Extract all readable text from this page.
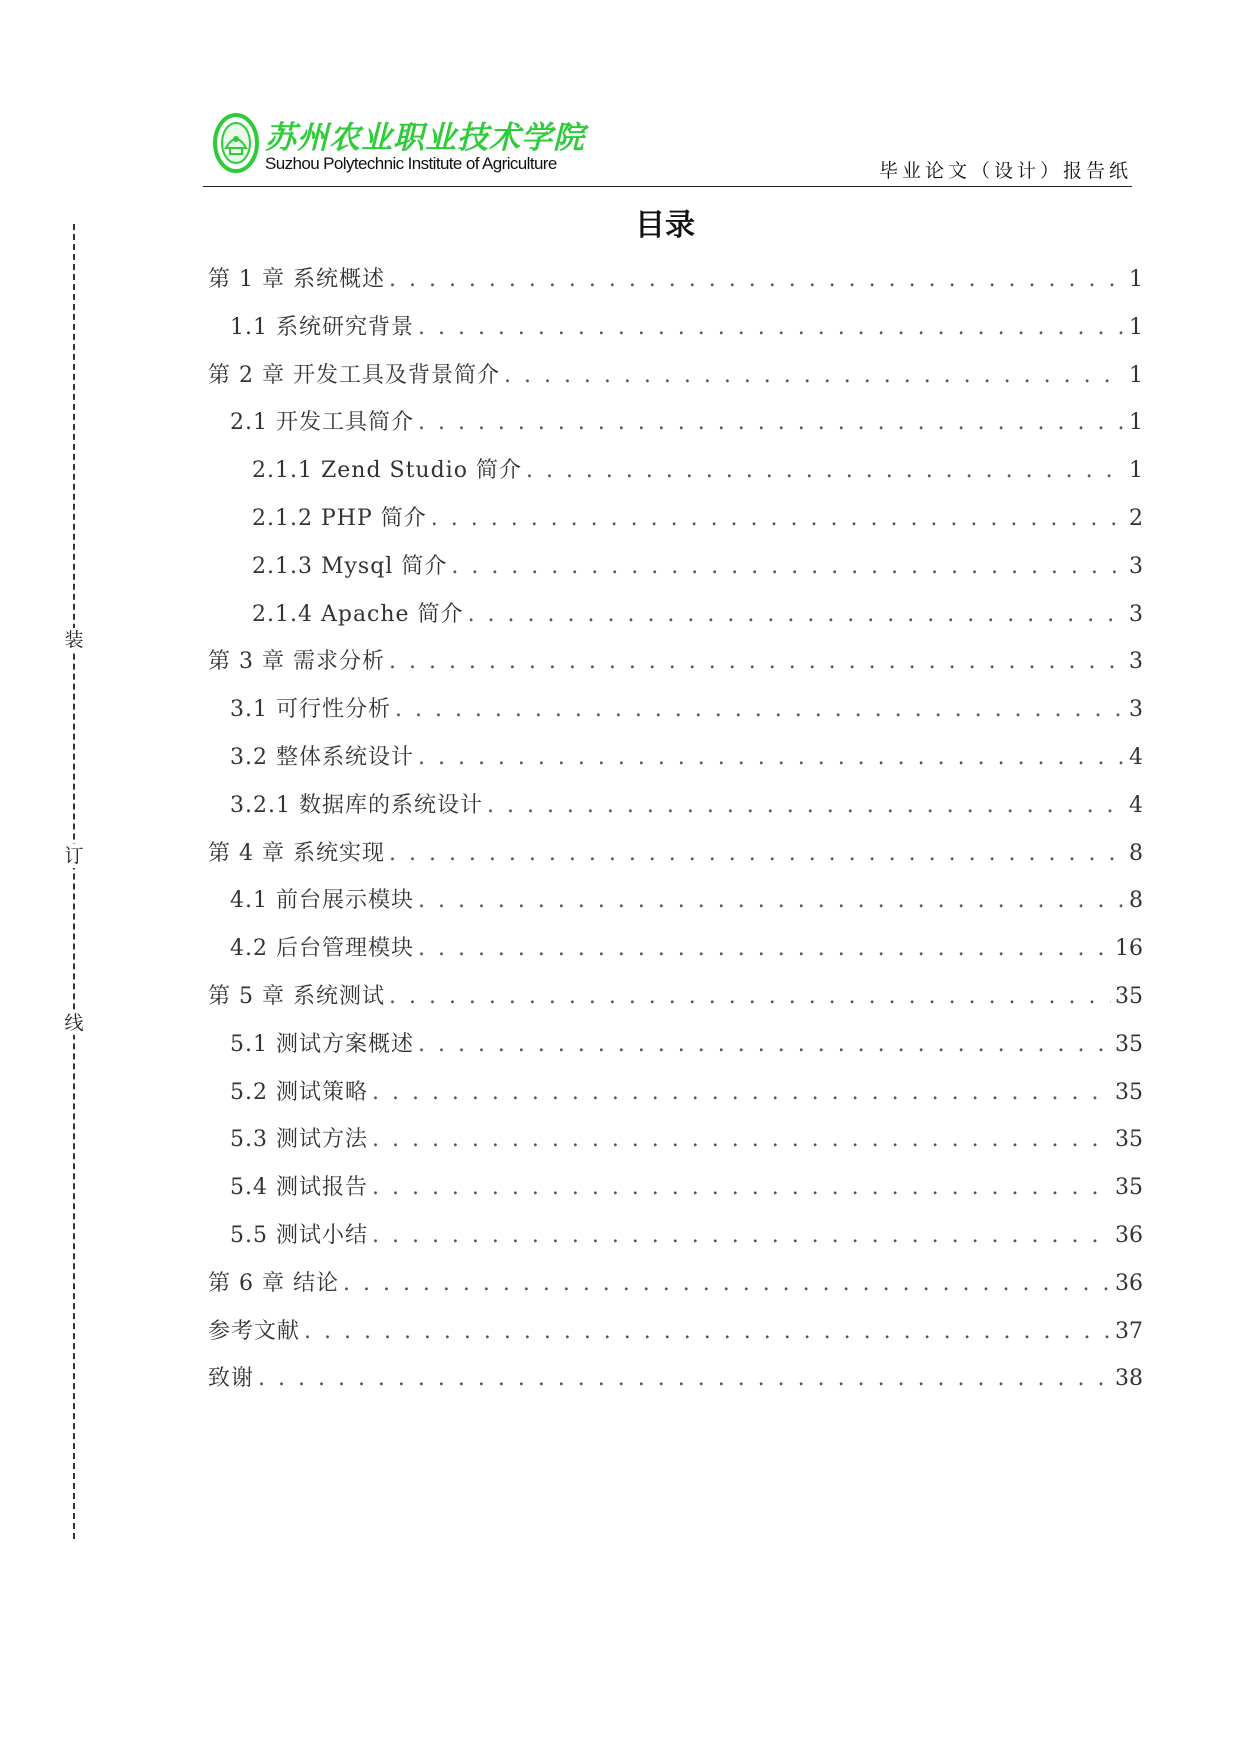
苏州农业职业技术学院
Suzhou Polytechnic Institute of Agriculture	毕业论文（设计）报告纸
装
订
线
目录
第 1 章 系统概述 . . .	1
1.1 系统研究背景 . . .	1
第 2 章 开发工具及背景简介 . . .	1
2.1 开发工具简介 . . .	1
2.1.1 Zend Studio 简介 . . .	1
2.1.2 PHP 简介 . . .	2
2.1.3 Mysql 简介 . . .	3
2.1.4 Apache 简介 . . .	3
第 3 章 需求分析 . . .	3
3.1 可行性分析 . . .	3
3.2 整体系统设计 . . .	4
3.2.1 数据库的系统设计 . . .	4
第 4 章 系统实现 . . .	8
4.1 前台展示模块 . . .	8
4.2 后台管理模块 . . .	16
第 5 章 系统测试 . . .	35
5.1 测试方案概述 . . .	35
5.2 测试策略 . . .	35
5.3 测试方法 . . .	35
5.4 测试报告 . . .	35
5.5 测试小结 . . .	36
第 6 章 结论 . . .	36
参考文献 . . .	37
致谢 . . .	38
